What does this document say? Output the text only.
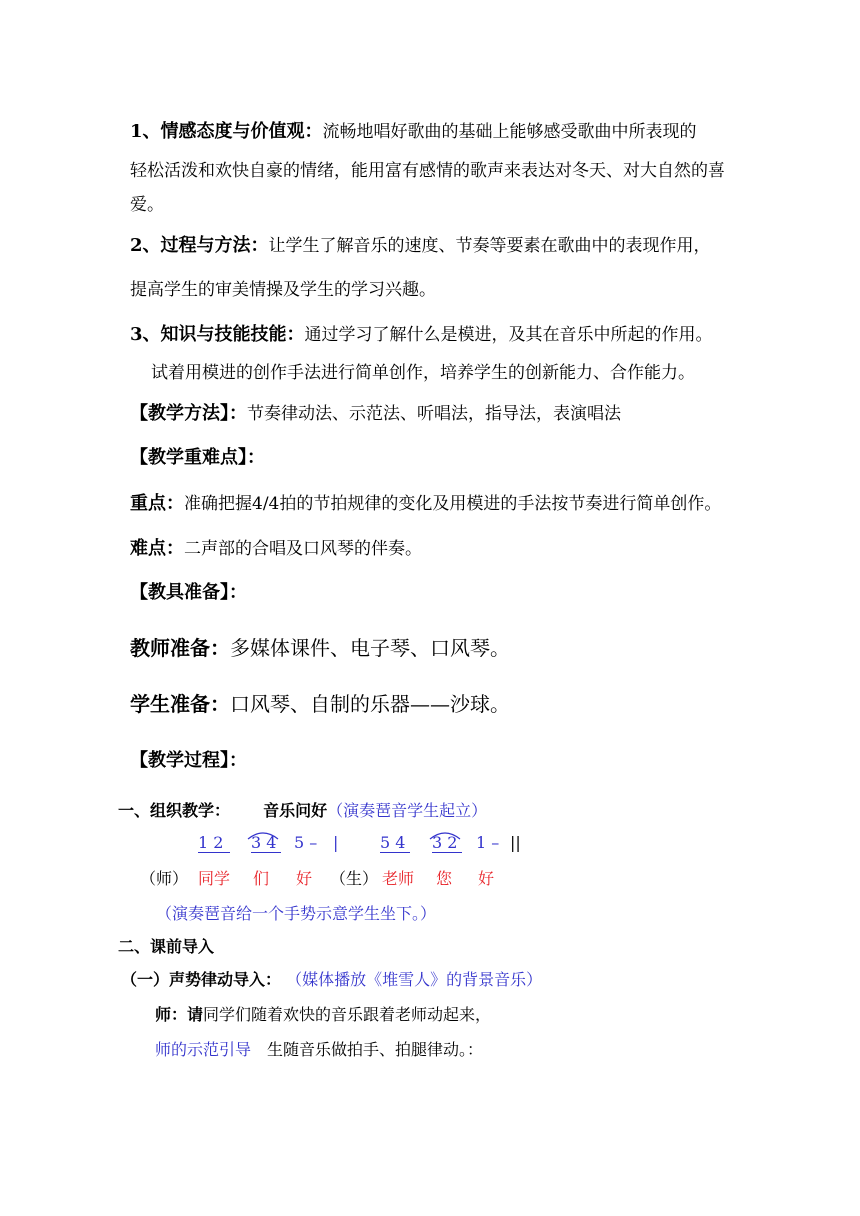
1、情感态度与价值观：流畅地唱好歌曲的基础上能够感受歌曲中所表现的
轻松活泼和欢快自豪的情绪，能用富有感情的歌声来表达对冬天、对大自然的喜
爱。
2、过程与方法：让学生了解音乐的速度、节奏等要素在歌曲中的表现作用，
提高学生的审美情操及学生的学习兴趣。
3、知识与技能技能：通过学习了解什么是模进，及其在音乐中所起的作用。
试着用模进的创作手法进行简单创作，培养学生的创新能力、合作能力。
【教学方法】：节奏律动法、示范法、听唱法，指导法，表演唱法
【教学重难点】：
重点：准确把握4/4拍的节拍规律的变化及用模进的手法按节奏进行简单创作。
难点：二声部的合唱及口风琴的伴奏。
【教具准备】：
教师准备：多媒体课件、电子琴、口风琴。
学生准备：口风琴、自制的乐器——沙球。
【教学过程】：
一、组织教学： 音乐问好（演奏琶音学生起立）
1 2 3 4 5 – |	5 4 3 2 1 – ||
（师） 同学 们 好 （生） 老师 您 好
（演奏琶音给一个手势示意学生坐下。）
二、课前导入
（一）声势律动导入： （媒体播放《堆雪人》的背景音乐）
师：请同学们随着欢快的音乐跟着老师动起来，
师的示范引导 生随音乐做拍手、拍腿律动。：
